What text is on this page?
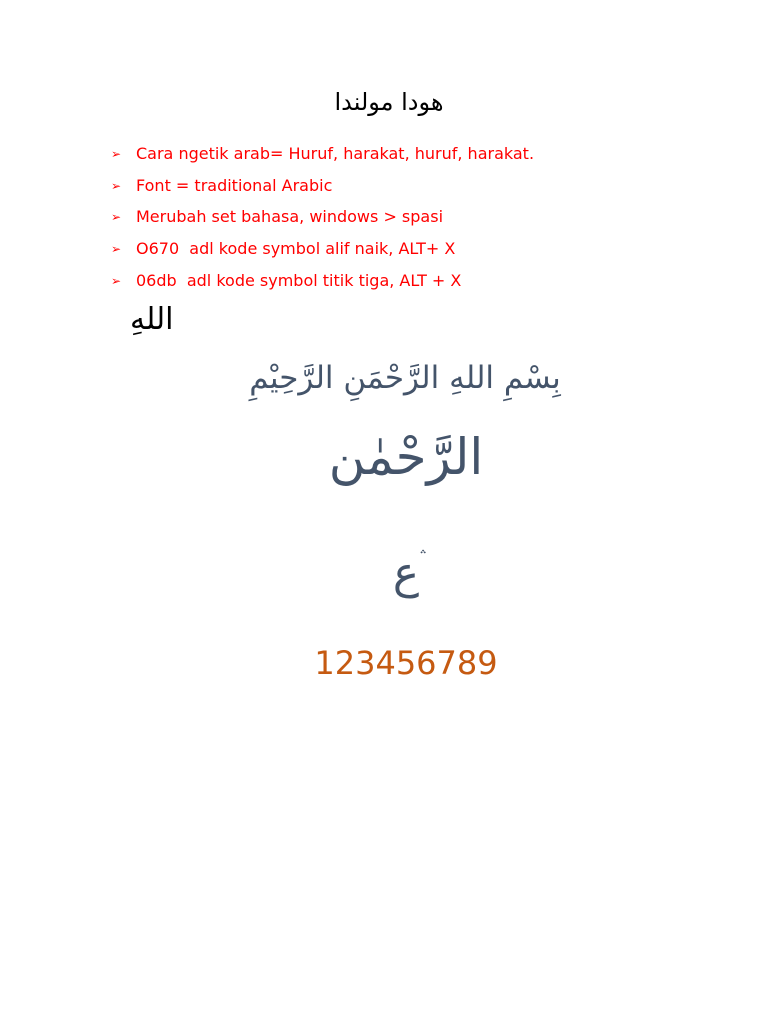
هودا مولندا
➢ Cara ngetik arab= Huruf, harakat, huruf, harakat.
➢ Font = traditional Arabic
➢ Merubah set bahasa, windows > spasi
➢ O670  adl kode symbol alif naik, ALT+ X
➢ 06db  adl kode symbol titik tiga, ALT + X
اللهِ
بِسْمِ اللهِ الرَّحْمَنِ الرَّحِيْمِ
الرَّحْمٰن
ۛع
123456789
